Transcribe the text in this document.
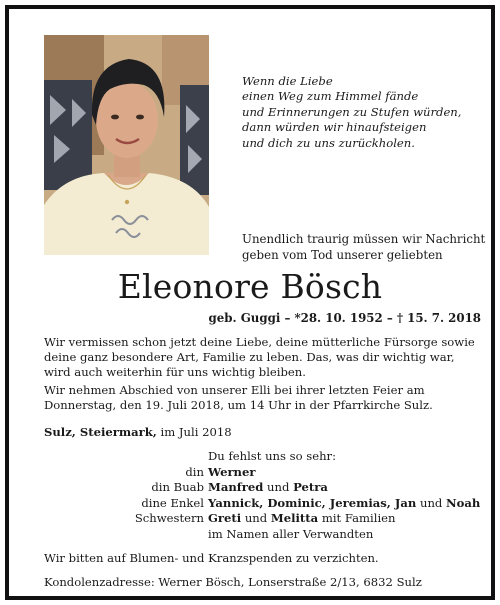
Wenn die Liebe
einen Weg zum Himmel fände
und Erinnerungen zu Stufen würden,
dann würden wir hinaufsteigen
und dich zu uns zurückholen.
Unendlich traurig müssen wir Nachricht
geben vom Tod unserer geliebten
Eleonore Bösch
geb. Guggi – *28. 10. 1952 – † 15. 7. 2018

Wir vermissen schon jetzt deine Liebe, deine mütterliche Fürsorge sowie deine ganz besondere Art, Familie zu leben. Das, was dir wichtig war, wird auch weiterhin für uns wichtig bleiben.

Wir nehmen Abschied von unserer Elli bei ihrer letzten Feier am Donnerstag, den 19. Juli 2018, um 14 Uhr in der Pfarrkirche Sulz.

Sulz, Steiermark, im Juli 2018
Du fehlst uns so sehr:
din Werner
din Buab Manfred und Petra
dine Enkel Yannick, Dominic, Jeremias, Jan und Noah
Schwestern Greti und Melitta mit Familien
im Namen aller Verwandten
Wir bitten auf Blumen- und Kranzspenden zu verzichten.
Kondolenzadresse: Werner Bösch, Lonserstraße 2/13, 6832 Sulz
